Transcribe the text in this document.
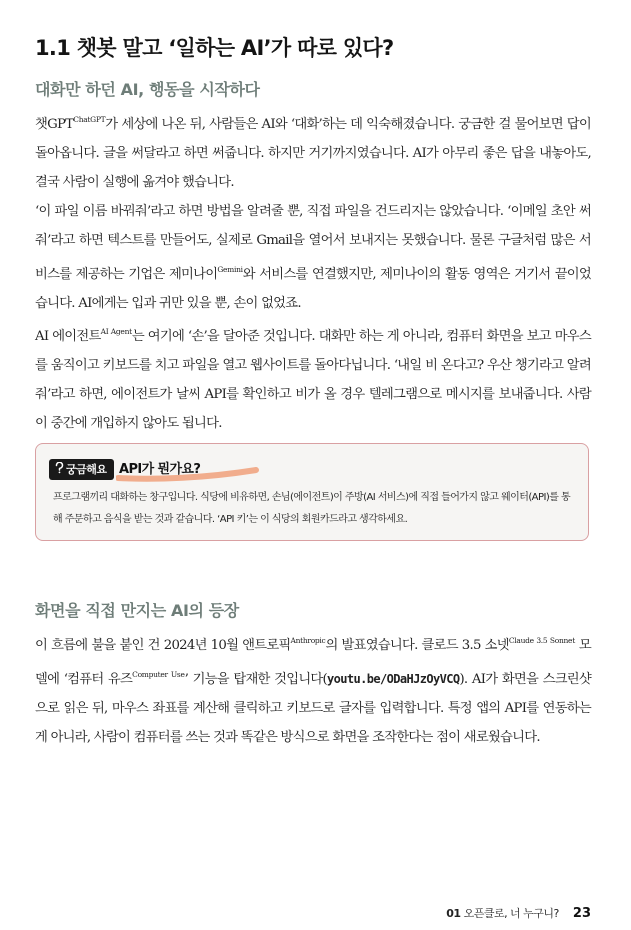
1.1 챗봇 말고 ‘일하는 AI’가 따로 있다?
대화만 하던 AI, 행동을 시작하다

챗$GPT^{ChatGPT}$가 세상에 나온 뒤, 사람들은 AI와 ‘대화’하는 데 익숙해졌습니다. 궁금한 걸 물어보면 답이 돌아옵니다. 글을 써달라고 하면 써줍니다. 하지만 거기까지였습니다. AI가 아무리 좋은 답을 내놓아도, 결국 사람이 실행에 옮겨야 했습니다.

‘이 파일 이름 바꿔줘’라고 하면 방법을 알려줄 뿐, 직접 파일을 건드리지는 않았습니다. ‘이메일 초안 써줘’라고 하면 텍스트를 만들어도, 실제로 Gmail을 열어서 보내지는 못했습니다. 물론 구글처럼 많은 서비스를 제공하는 기업은 제미나이$^{Gemini}$와 서비스를 연결했지만, 제미나이의 활동 영역은 거기서 끝이었습니다. AI에게는 입과 귀만 있을 뿐, 손이 없었죠.

AI 에이전트$^{AI Agent}$는 여기에 ‘손’을 달아준 것입니다. 대화만 하는 게 아니라, 컴퓨터 화면을 보고 마우스를 움직이고 키보드를 치고 파일을 열고 웹사이트를 돌아다닙니다. ‘내일 비 온다고? 우산 챙기라고 알려줘’라고 하면, 에이전트가 날씨 API를 확인하고 비가 올 경우 텔레그램으로 메시지를 보내줍니다. 사람이 중간에 개입하지 않아도 됩니다.

궁금해요 API가 뭔가요?

프로그램끼리 대화하는 창구입니다. 식당에 비유하면, 손님(에이전트)이 주방(AI 서비스)에 직접 들어가지 않고 웨이터(API)를 통해 주문하고 음식을 받는 것과 같습니다. ‘API 키’는 이 식당의 회원카드라고 생각하세요.

화면을 직접 만지는 AI의 등장

이 흐름에 불을 붙인 건 2024년 10월 앤트로픽$^{Anthropic}$의 발표였습니다. 클로드 3.5 소넷$^{Claude 3.5 Sonnet}$ 모델에 ‘컴퓨터 유즈$^{Computer Use}$’ 기능을 탑재한 것입니다(youtu.be/ODaHJzOyVCQ). AI가 화면을 스크린샷으로 읽은 뒤, 마우스 좌표를 계산해 클릭하고 키보드로 글자를 입력합니다. 특정 앱의 API를 연동하는 게 아니라, 사람이 컴퓨터를 쓰는 것과 똑같은 방식으로 화면을 조작한다는 점이 새로웠습니다.

01 오픈클로, 너 누구니? 23
